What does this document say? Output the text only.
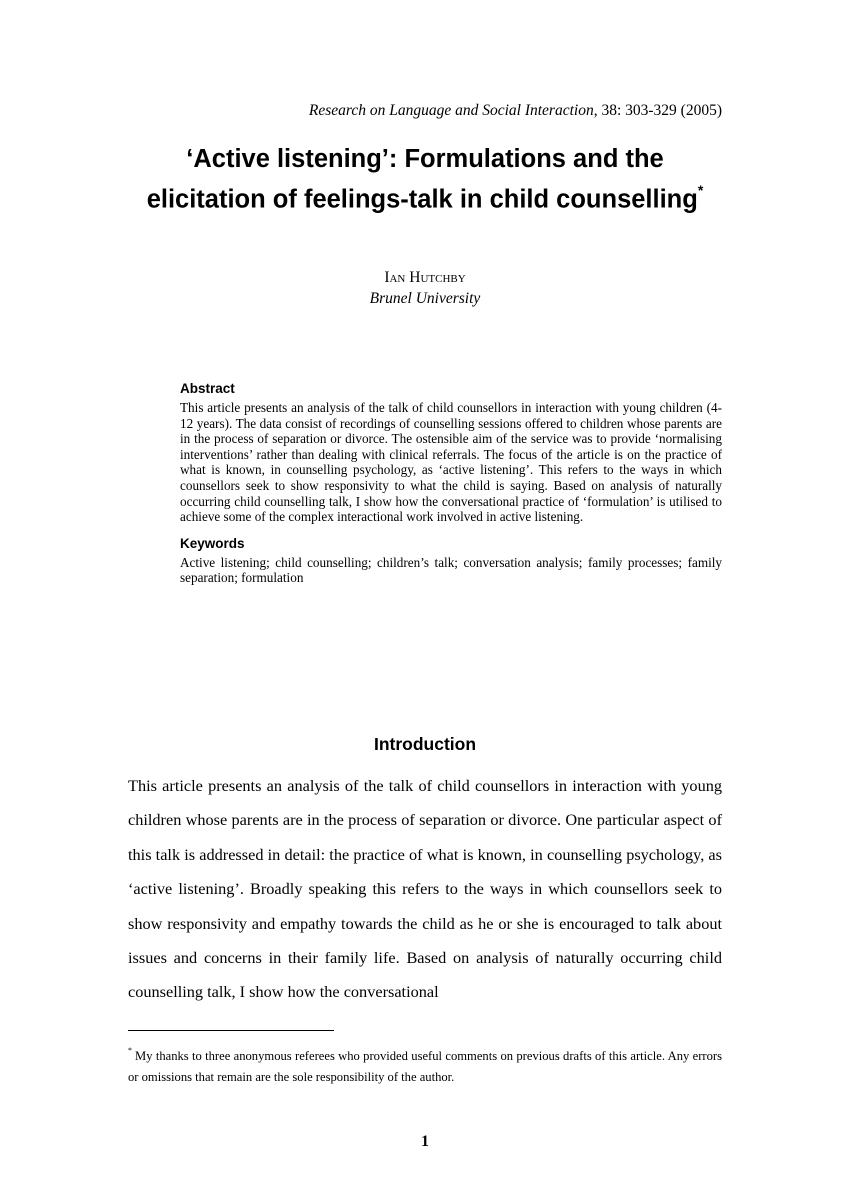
Research on Language and Social Interaction, 38: 303-329 (2005)
‘Active listening’: Formulations and the elicitation of feelings-talk in child counselling*
Ian Hutchby
Brunel University
Abstract

This article presents an analysis of the talk of child counsellors in interaction with young children (4-12 years). The data consist of recordings of counselling sessions offered to children whose parents are in the process of separation or divorce. The ostensible aim of the service was to provide ‘normalising interventions’ rather than dealing with clinical referrals. The focus of the article is on the practice of what is known, in counselling psychology, as ‘active listening’. This refers to the ways in which counsellors seek to show responsivity to what the child is saying. Based on analysis of naturally occurring child counselling talk, I show how the conversational practice of ‘formulation’ is utilised to achieve some of the complex interactional work involved in active listening.

Keywords

Active listening; child counselling; children’s talk; conversation analysis; family processes; family separation; formulation

Introduction

This article presents an analysis of the talk of child counsellors in interaction with young children whose parents are in the process of separation or divorce. One particular aspect of this talk is addressed in detail: the practice of what is known, in counselling psychology, as ‘active listening’. Broadly speaking this refers to the ways in which counsellors seek to show responsivity and empathy towards the child as he or she is encouraged to talk about issues and concerns in their family life. Based on analysis of naturally occurring child counselling talk, I show how the conversational

* My thanks to three anonymous referees who provided useful comments on previous drafts of this article. Any errors or omissions that remain are the sole responsibility of the author.

1
